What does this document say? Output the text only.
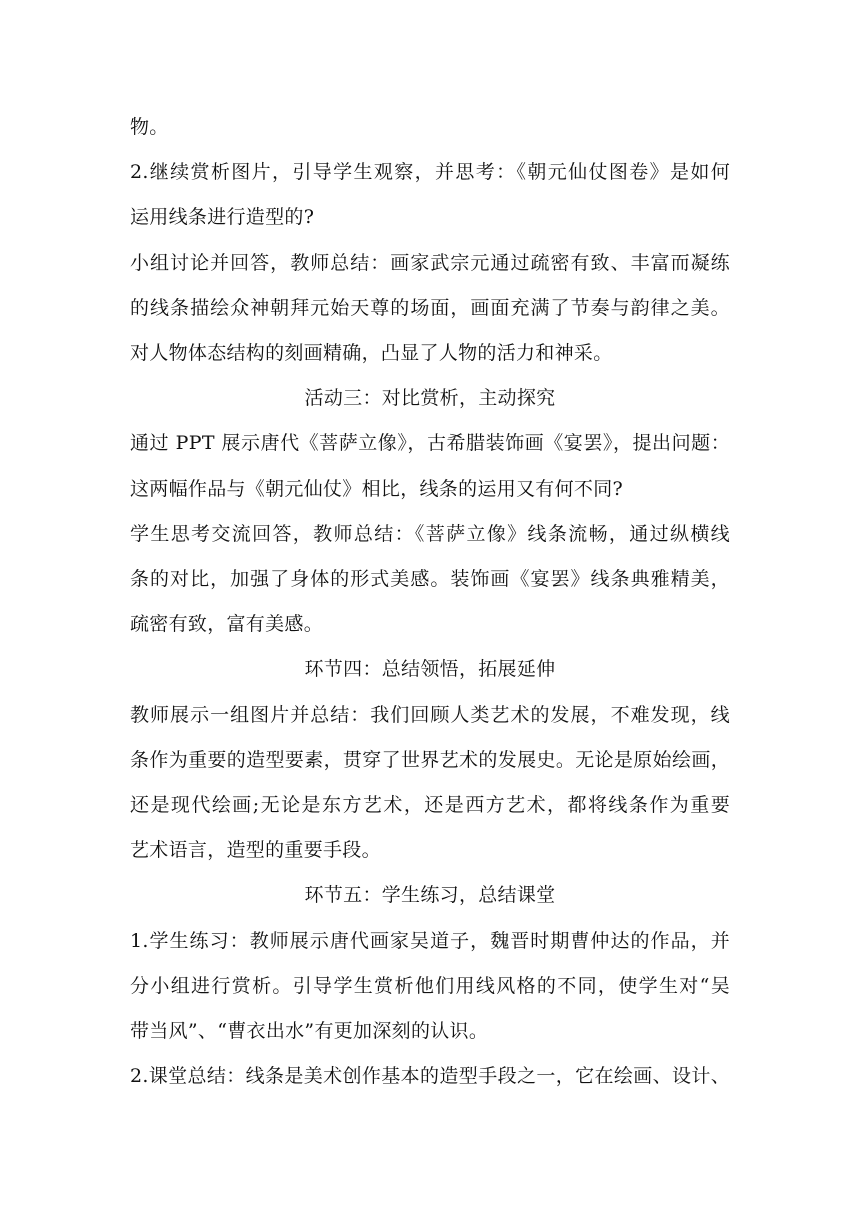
物。
2.继续赏析图片，引导学生观察，并思考：《朝元仙仗图卷》是如何
运用线条进行造型的?
小组讨论并回答，教师总结：画家武宗元通过疏密有致、丰富而凝练
的线条描绘众神朝拜元始天尊的场面，画面充满了节奏与韵律之美。
对人物体态结构的刻画精确，凸显了人物的活力和神采。
活动三：对比赏析，主动探究
通过 PPT 展示唐代《菩萨立像》，古希腊装饰画《宴罢》，提出问题：
这两幅作品与《朝元仙仗》相比，线条的运用又有何不同?
学生思考交流回答，教师总结：《菩萨立像》线条流畅，通过纵横线
条的对比，加强了身体的形式美感。装饰画《宴罢》线条典雅精美，
疏密有致，富有美感。
环节四：总结领悟，拓展延伸
教师展示一组图片并总结：我们回顾人类艺术的发展，不难发现，线
条作为重要的造型要素，贯穿了世界艺术的发展史。无论是原始绘画，
还是现代绘画;无论是东方艺术，还是西方艺术，都将线条作为重要
艺术语言，造型的重要手段。
环节五：学生练习，总结课堂
1.学生练习：教师展示唐代画家吴道子，魏晋时期曹仲达的作品，并
分小组进行赏析。引导学生赏析他们用线风格的不同，使学生对“吴
带当风”、“曹衣出水”有更加深刻的认识。
2.课堂总结：线条是美术创作基本的造型手段之一，它在绘画、设计、
